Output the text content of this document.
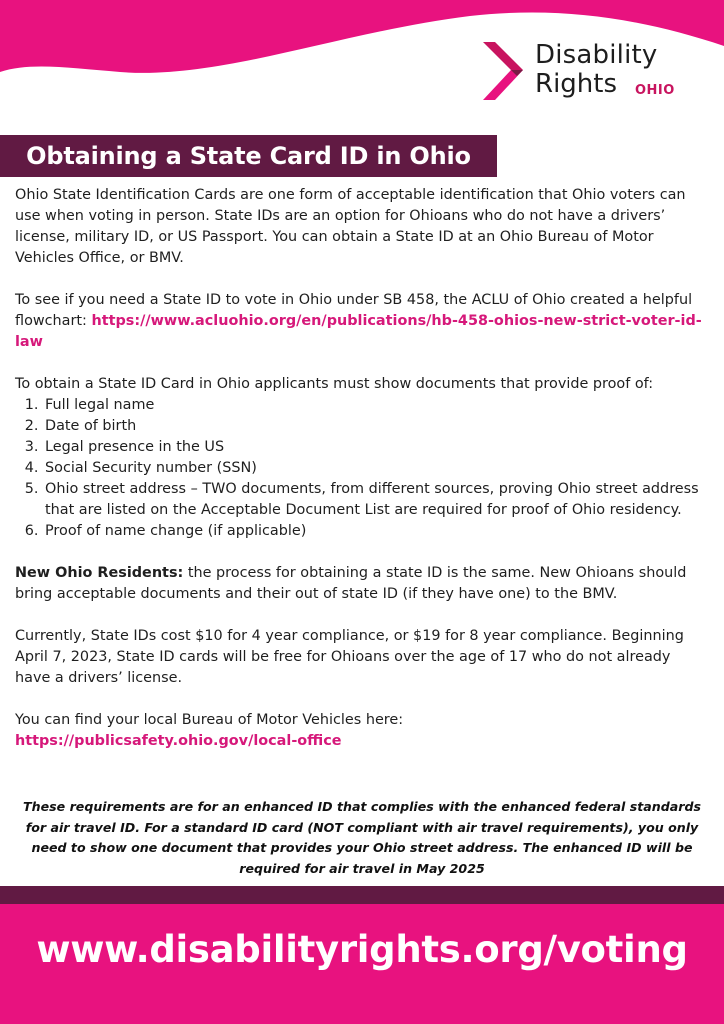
Disability
Rights OHIO
Obtaining a State Card ID in Ohio

Ohio State Identification Cards are one form of acceptable identification that Ohio voters can use when voting in person. State IDs are an option for Ohioans who do not have a drivers’ license, military ID, or US Passport. You can obtain a State ID at an Ohio Bureau of Motor Vehicles Office, or BMV.

To see if you need a State ID to vote in Ohio under SB 458, the ACLU of Ohio created a helpful flowchart: https://www.acluohio.org/en/publications/hb-458-ohios-new-strict-voter-id-law

To obtain a State ID Card in Ohio applicants must show documents that provide proof of:

1. Full legal name
2. Date of birth
3. Legal presence in the US
4. Social Security number (SSN)
5. Ohio street address – TWO documents, from different sources, proving Ohio street address that are listed on the Acceptable Document List are required for proof of Ohio residency.
6. Proof of name change (if applicable)

New Ohio Residents: the process for obtaining a state ID is the same. New Ohioans should bring acceptable documents and their out of state ID (if they have one) to the BMV.

Currently, State IDs cost $10 for 4 year compliance, or $19 for 8 year compliance. Beginning April 7, 2023, State ID cards will be free for Ohioans over the age of 17 who do not already have a drivers’ license.

You can find your local Bureau of Motor Vehicles here:

https://publicsafety.ohio.gov/local-office

These requirements are for an enhanced ID that complies with the enhanced federal standards for air travel ID. For a standard ID card (NOT compliant with air travel requirements), you only need to show one document that provides your Ohio street address. The enhanced ID will be required for air travel in May 2025
www.disabilityrights.org/voting
